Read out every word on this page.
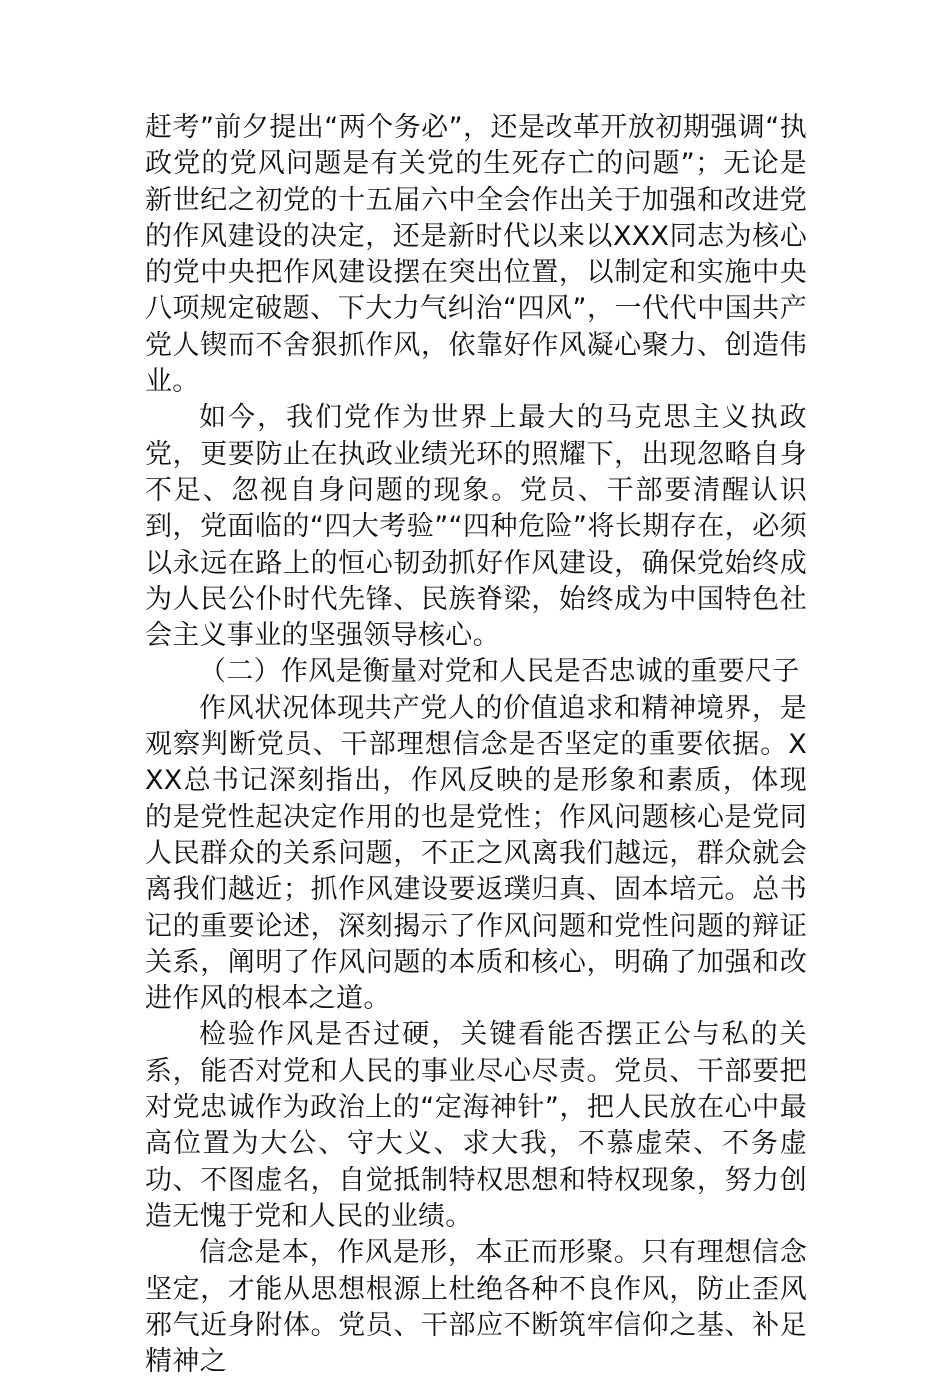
赶考”前夕提出“两个务必”，还是改革开放初期强调“执政党的党风问题是有关党的生死存亡的问题”；无论是新世纪之初党的十五届六中全会作出关于加强和改进党的作风建设的决定，还是新时代以来以XXX同志为核心的党中央把作风建设摆在突出位置，以制定和实施中央八项规定破题、下大力气纠治“四风”，一代代中国共产党人锲而不舍狠抓作风，依靠好作风凝心聚力、创造伟业。

如今，我们党作为世界上最大的马克思主义执政党，更要防止在执政业绩光环的照耀下，出现忽略自身不足、忽视自身问题的现象。党员、干部要清醒认识到，党面临的“四大考验”“四种危险”将长期存在，必须以永远在路上的恒心韧劲抓好作风建设，确保党始终成为人民公仆时代先锋、民族脊梁，始终成为中国特色社会主义事业的坚强领导核心。

（二）作风是衡量对党和人民是否忠诚的重要尺子

作风状况体现共产党人的价值追求和精神境界，是观察判断党员、干部理想信念是否坚定的重要依据。XXX总书记深刻指出，作风反映的是形象和素质，体现的是党性起决定作用的也是党性；作风问题核心是党同人民群众的关系问题，不正之风离我们越远，群众就会离我们越近；抓作风建设要返璞归真、固本培元。总书记的重要论述，深刻揭示了作风问题和党性问题的辩证关系，阐明了作风问题的本质和核心，明确了加强和改进作风的根本之道。

检验作风是否过硬，关键看能否摆正公与私的关系，能否对党和人民的事业尽心尽责。党员、干部要把对党忠诚作为政治上的“定海神针”，把人民放在心中最高位置为大公、守大义、求大我，不慕虚荣、不务虚功、不图虚名，自觉抵制特权思想和特权现象，努力创造无愧于党和人民的业绩。

信念是本，作风是形，本正而形聚。只有理想信念坚定，才能从思想根源上杜绝各种不良作风，防止歪风邪气近身附体。党员、干部应不断筑牢信仰之基、补足精神之
